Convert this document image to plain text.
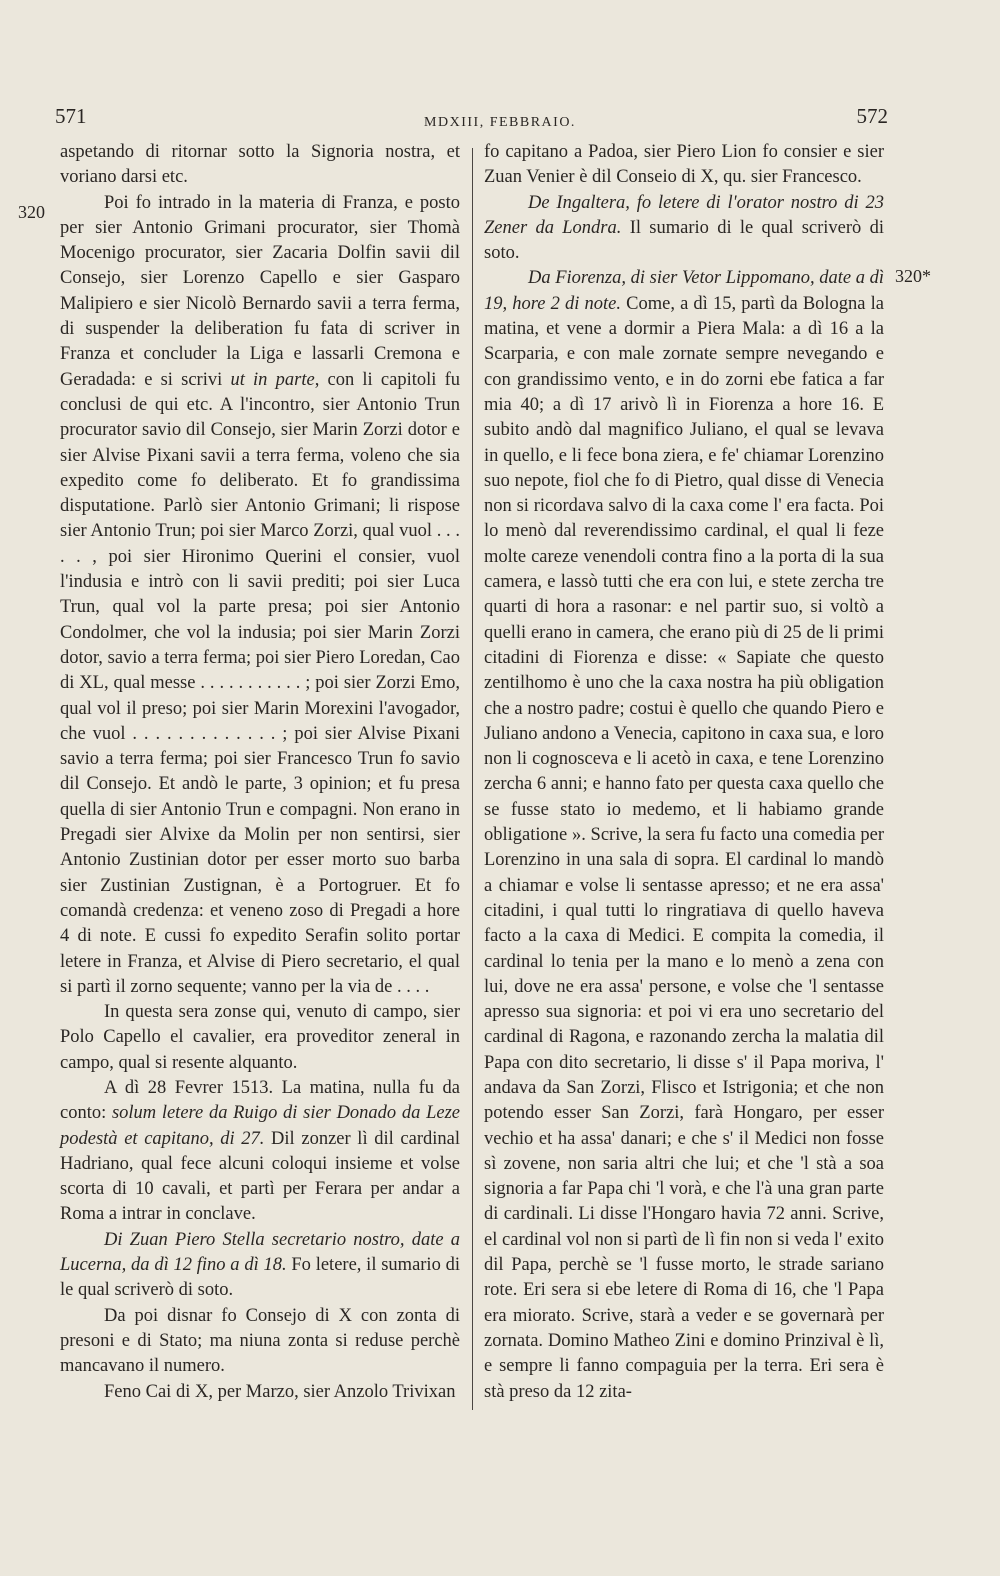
571	MDXIII, FEBBRAIO.	572
320
320*

aspetando di ritornar sotto la Signoria nostra, et voriano darsi etc.

Poi fo intrado in la materia di Franza, e posto per sier Antonio Grimani procurator, sier Thomà Mocenigo procurator, sier Zacaria Dolfin savii dil Consejo, sier Lorenzo Capello e sier Gasparo Malipiero e sier Nicolò Bernardo savii a terra ferma, di suspender la deliberation fu fata di scriver in Franza et concluder la Liga e lassarli Cremona e Geradada: e si scrivi ut in parte, con li capitoli fu conclusi de qui etc. A l'incontro, sier Antonio Trun procurator savio dil Consejo, sier Marin Zorzi dotor e sier Alvise Pixani savii a terra ferma, voleno che sia expedito come fo deliberato. Et fo grandissima disputatione. Parlò sier Antonio Grimani; li rispose sier Antonio Trun; poi sier Marco Zorzi, qual vuol . . . . . , poi sier Hironimo Querini el consier, vuol l'indusia e intrò con li savii prediti; poi sier Luca Trun, qual vol la parte presa; poi sier Antonio Condolmer, che vol la indusia; poi sier Marin Zorzi dotor, savio a terra ferma; poi sier Piero Loredan, Cao di XL, qual messe . . . . . . . . . . . ; poi sier Zorzi Emo, qual vol il preso; poi sier Marin Morexini l'avogador, che vuol . . . . . . . . . . . . . ; poi sier Alvise Pixani savio a terra ferma; poi sier Francesco Trun fo savio dil Consejo. Et andò le parte, 3 opinion; et fu presa quella di sier Antonio Trun e compagni. Non erano in Pregadi sier Alvixe da Molin per non sentirsi, sier Antonio Zustinian dotor per esser morto suo barba sier Zustinian Zustignan, è a Portogruer. Et fo comandà credenza: et veneno zoso di Pregadi a hore 4 di note. E cussi fo expedito Serafin solito portar letere in Franza, et Alvise di Piero secretario, el qual si partì il zorno sequente; vanno per la via de . . . .

In questa sera zonse qui, venuto di campo, sier Polo Capello el cavalier, era proveditor zeneral in campo, qual si resente alquanto.

A dì 28 Fevrer 1513. La matina, nulla fu da conto: solum letere da Ruigo di sier Donado da Leze podestà et capitano, di 27. Dil zonzer lì dil cardinal Hadriano, qual fece alcuni coloqui insieme et volse scorta di 10 cavali, et partì per Ferara per andar a Roma a intrar in conclave.

Di Zuan Piero Stella secretario nostro, date a Lucerna, da dì 12 fino a dì 18. Fo letere, il sumario di le qual scriverò di soto.

Da poi disnar fo Consejo di X con zonta di presoni e di Stato; ma niuna zonta si reduse perchè mancavano il numero.

Feno Cai di X, per Marzo, sier Anzolo Trivixan

fo capitano a Padoa, sier Piero Lion fo consier e sier Zuan Venier è dil Conseio di X, qu. sier Francesco.

De Ingaltera, fo letere di l'orator nostro di 23 Zener da Londra. Il sumario di le qual scriverò di soto.

Da Fiorenza, di sier Vetor Lippomano, date a dì 19, hore 2 di note. Come, a dì 15, partì da Bologna la matina, et vene a dormir a Piera Mala: a dì 16 a la Scarparia, e con male zornate sempre nevegando e con grandissimo vento, e in do zorni ebe fatica a far mia 40; a dì 17 arivò lì in Fiorenza a hore 16. E subito andò dal magnifico Juliano, el qual se levava in quello, e li fece bona ziera, e fe' chiamar Lorenzino suo nepote, fiol che fo di Pietro, qual disse di Venecia non si ricordava salvo di la caxa come l' era facta. Poi lo menò dal reverendissimo cardinal, el qual li feze molte careze venendoli contra fino a la porta di la sua camera, e lassò tutti che era con lui, e stete zercha tre quarti di hora a rasonar: e nel partir suo, si voltò a quelli erano in camera, che erano più di 25 de li primi citadini di Fiorenza e disse: « Sapiate che questo zentilhomo è uno che la caxa nostra ha più obligation che a nostro padre; costui è quello che quando Piero e Juliano andono a Venecia, capitono in caxa sua, e loro non li cognosceva e li acetò in caxa, e tene Lorenzino zercha 6 anni; e hanno fato per questa caxa quello che se fusse stato io medemo, et li habiamo grande obligatione ». Scrive, la sera fu facto una comedia per Lorenzino in una sala di sopra. El cardinal lo mandò a chiamar e volse li sentasse apresso; et ne era assa' citadini, i qual tutti lo ringratiava di quello haveva facto a la caxa di Medici. E compita la comedia, il cardinal lo tenia per la mano e lo menò a zena con lui, dove ne era assa' persone, e volse che 'l sentasse apresso sua signoria: et poi vi era uno secretario del cardinal di Ragona, e razonando zercha la malatia dil Papa con dito secretario, li disse s' il Papa moriva, l' andava da San Zorzi, Flisco et Istrigonia; et che non potendo esser San Zorzi, farà Hongaro, per esser vechio et ha assa' danari; e che s' il Medici non fosse sì zovene, non saria altri che lui; et che 'l stà a soa signoria a far Papa chi 'l vorà, e che l'à una gran parte di cardinali. Li disse l'Hongaro havia 72 anni. Scrive, el cardinal vol non si partì de lì fin non si veda l' exito dil Papa, perchè se 'l fusse morto, le strade sariano rote. Eri sera si ebe letere di Roma di 16, che 'l Papa era miorato. Scrive, starà a veder e se governarà per zornata. Domino Matheo Zini e domino Prinzival è lì, e sempre li fanno compaguia per la terra. Eri sera è stà preso da 12 zita-
